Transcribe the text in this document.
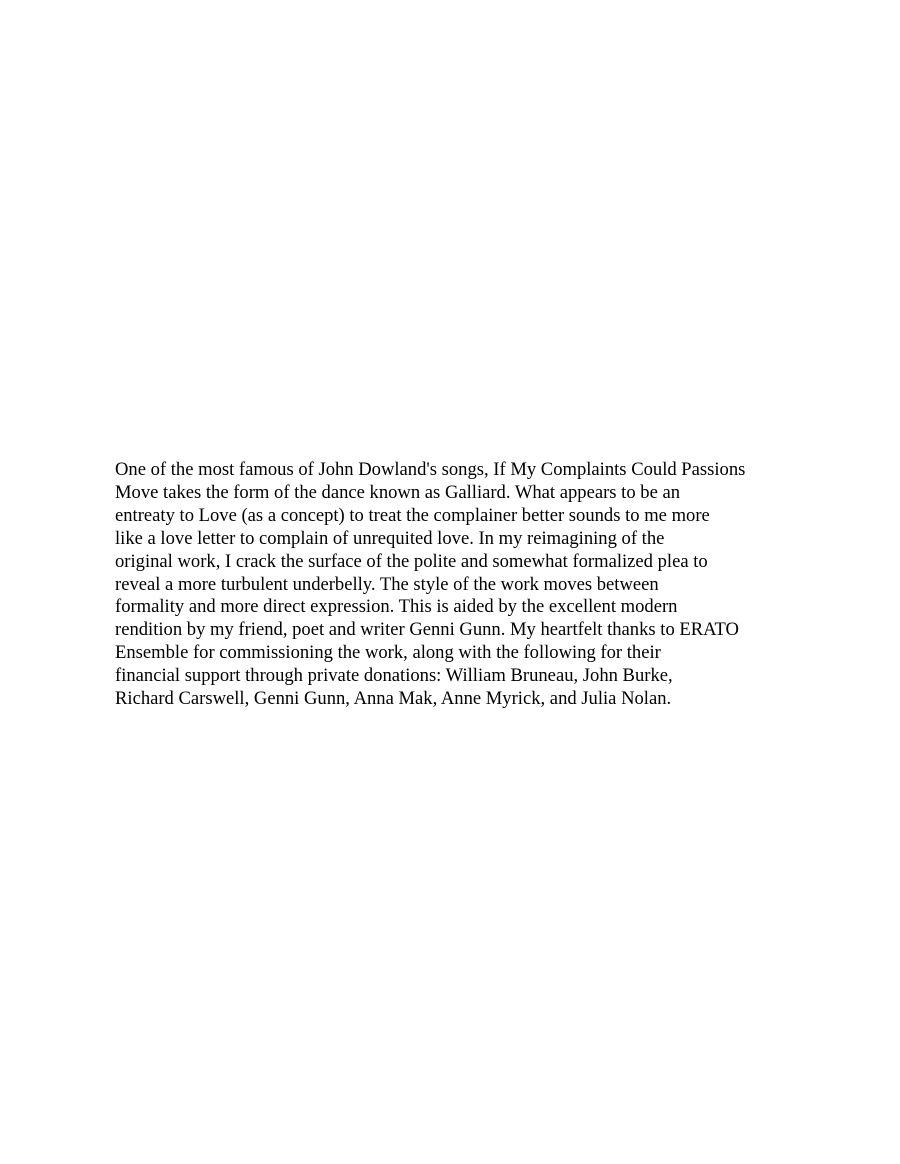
One of the most famous of John Dowland's songs, If My Complaints Could Passions
Move takes the form of the dance known as Galliard. What appears to be an
entreaty to Love (as a concept) to treat the complainer better sounds to me more
like a love letter to complain of unrequited love. In my reimagining of the
original work, I crack the surface of the polite and somewhat formalized plea to
reveal a more turbulent underbelly. The style of the work moves between
formality and more direct expression. This is aided by the excellent modern
rendition by my friend, poet and writer Genni Gunn. My heartfelt thanks to ERATO
Ensemble for commissioning the work, along with the following for their
financial support through private donations: William Bruneau, John Burke,
Richard Carswell, Genni Gunn, Anna Mak, Anne Myrick, and Julia Nolan.
